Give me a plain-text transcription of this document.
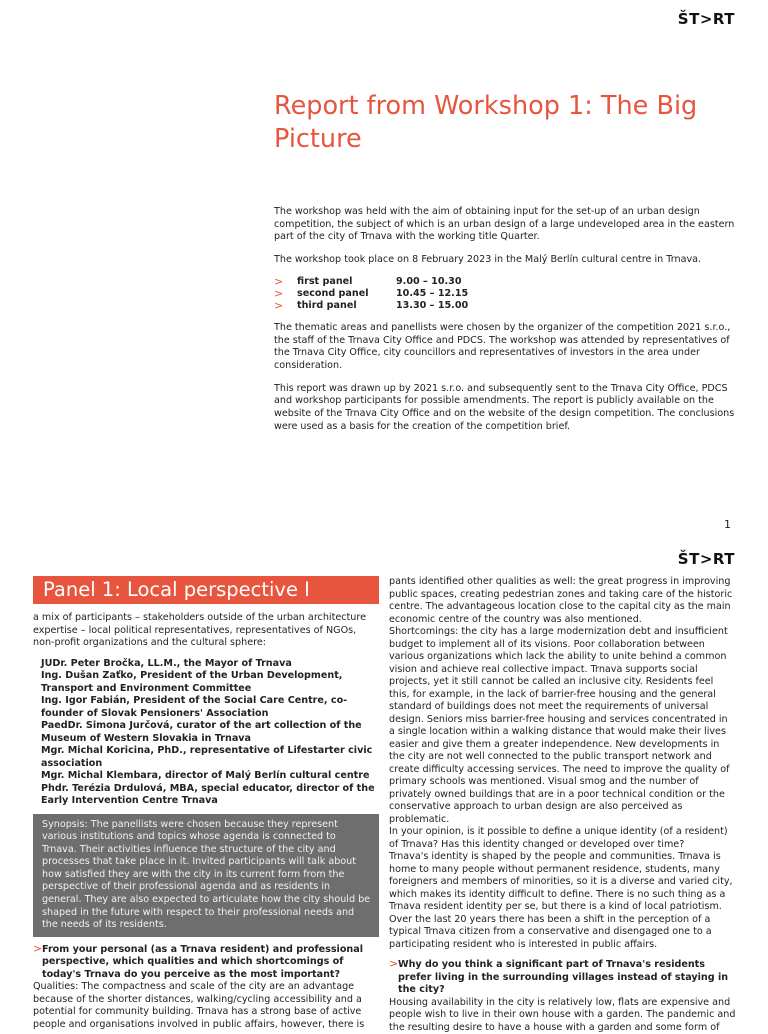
ŠT>RT
Report from Workshop 1: The Big Picture

The workshop was held with the aim of obtaining input for the set-up of an urban design competition, the subject of which is an urban design of a large undeveloped area in the eastern part of the city of Trnava with the working title Quarter.

The workshop took place on 8 February 2023 in the Malý Berlín cultural centre in Trnava.

> first panel	9.00 – 10.30
> second panel	10.45 – 12.15
> third panel	13.30 – 15.00

The thematic areas and panellists were chosen by the organizer of the competition 2021 s.r.o., the staff of the Trnava City Office and PDCS. The workshop was attended by representatives of the Trnava City Office, city councillors and representatives of investors in the area under consideration.

This report was drawn up by 2021 s.r.o. and subsequently sent to the Trnava City Office, PDCS and workshop participants for possible amendments. The report is publicly available on the website of the Trnava City Office and on the website of the design competition. The conclusions were used as a basis for the creation of the competition brief.

1
ŠT>RT
Panel 1: Local perspective I

a mix of participants – stakeholders outside of the urban architecture expertise – local political representatives, representatives of NGOs, non-profit organizations and the cultural sphere:

JUDr. Peter Bročka, LL.M., the Mayor of Trnava
Ing. Dušan Zaťko, President of the Urban Development, Transport and Environment Committee
Ing. Igor Fabián, President of the Social Care Centre, co-founder of Slovak Pensioners' Association
PaedDr. Simona Jurčová, curator of the art collection of the Museum of Western Slovakia in Trnava
Mgr. Michal Koricina, PhD., representative of Lifestarter civic association
Mgr. Michal Klembara, director of Malý Berlín cultural centre
Phdr. Terézia Drdulová, MBA, special educator, director of the Early Intervention Centre Trnava
Synopsis: The panellists were chosen because they represent various institutions and topics whose agenda is connected to Trnava. Their activities influence the structure of the city and processes that take place in it. Invited participants will talk about how satisfied they are with the city in its current form from the perspective of their professional agenda and as residents in general. They are also expected to articulate how the city should be shaped in the future with respect to their professional needs and the needs of its residents.
> From your personal (as a Trnava resident) and professional perspective, which qualities and which shortcomings of today's Trnava do you perceive as the most important?

Qualities: The compactness and scale of the city are an advantage because of the shorter distances, walking/cycling accessibility and a potential for community building. Trnava has a strong base of active people and organisations involved in public affairs, however, there is

pants identified other qualities as well: the great progress in improving public spaces, creating pedestrian zones and taking care of the historic centre. The advantageous location close to the capital city as the main economic centre of the country was also mentioned.

Shortcomings: the city has a large modernization debt and insufficient budget to implement all of its visions. Poor collaboration between various organizations which lack the ability to unite behind a common vision and achieve real collective impact. Trnava supports social projects, yet it still cannot be called an inclusive city. Residents feel this, for example, in the lack of barrier-free housing and the general standard of buildings does not meet the requirements of universal design. Seniors miss barrier-free housing and services concentrated in a single location within a walking distance that would make their lives easier and give them a greater independence. New developments in the city are not well connected to the public transport network and create difficulty accessing services. The need to improve the quality of primary schools was mentioned. Visual smog and the number of privately owned buildings that are in a poor technical condition or the conservative approach to urban design are also perceived as problematic.

In your opinion, is it possible to define a unique identity (of a resident) of Trnava? Has this identity changed or developed over time?

Trnava's identity is shaped by the people and communities. Trnava is home to many people without permanent residence, students, many foreigners and members of minorities, so it is a diverse and varied city, which makes its identity difficult to define. There is no such thing as a Trnava resident identity per se, but there is a kind of local patriotism. Over the last 20 years there has been a shift in the perception of a typical Trnava citizen from a conservative and disengaged one to a participating resident who is interested in public affairs.

> Why do you think a significant part of Trnava's residents prefer living in the surrounding villages instead of staying in the city?

Housing availability in the city is relatively low, flats are expensive and people wish to live in their own house with a garden. The pandemic and the resulting desire to have a house with a garden and some form of
